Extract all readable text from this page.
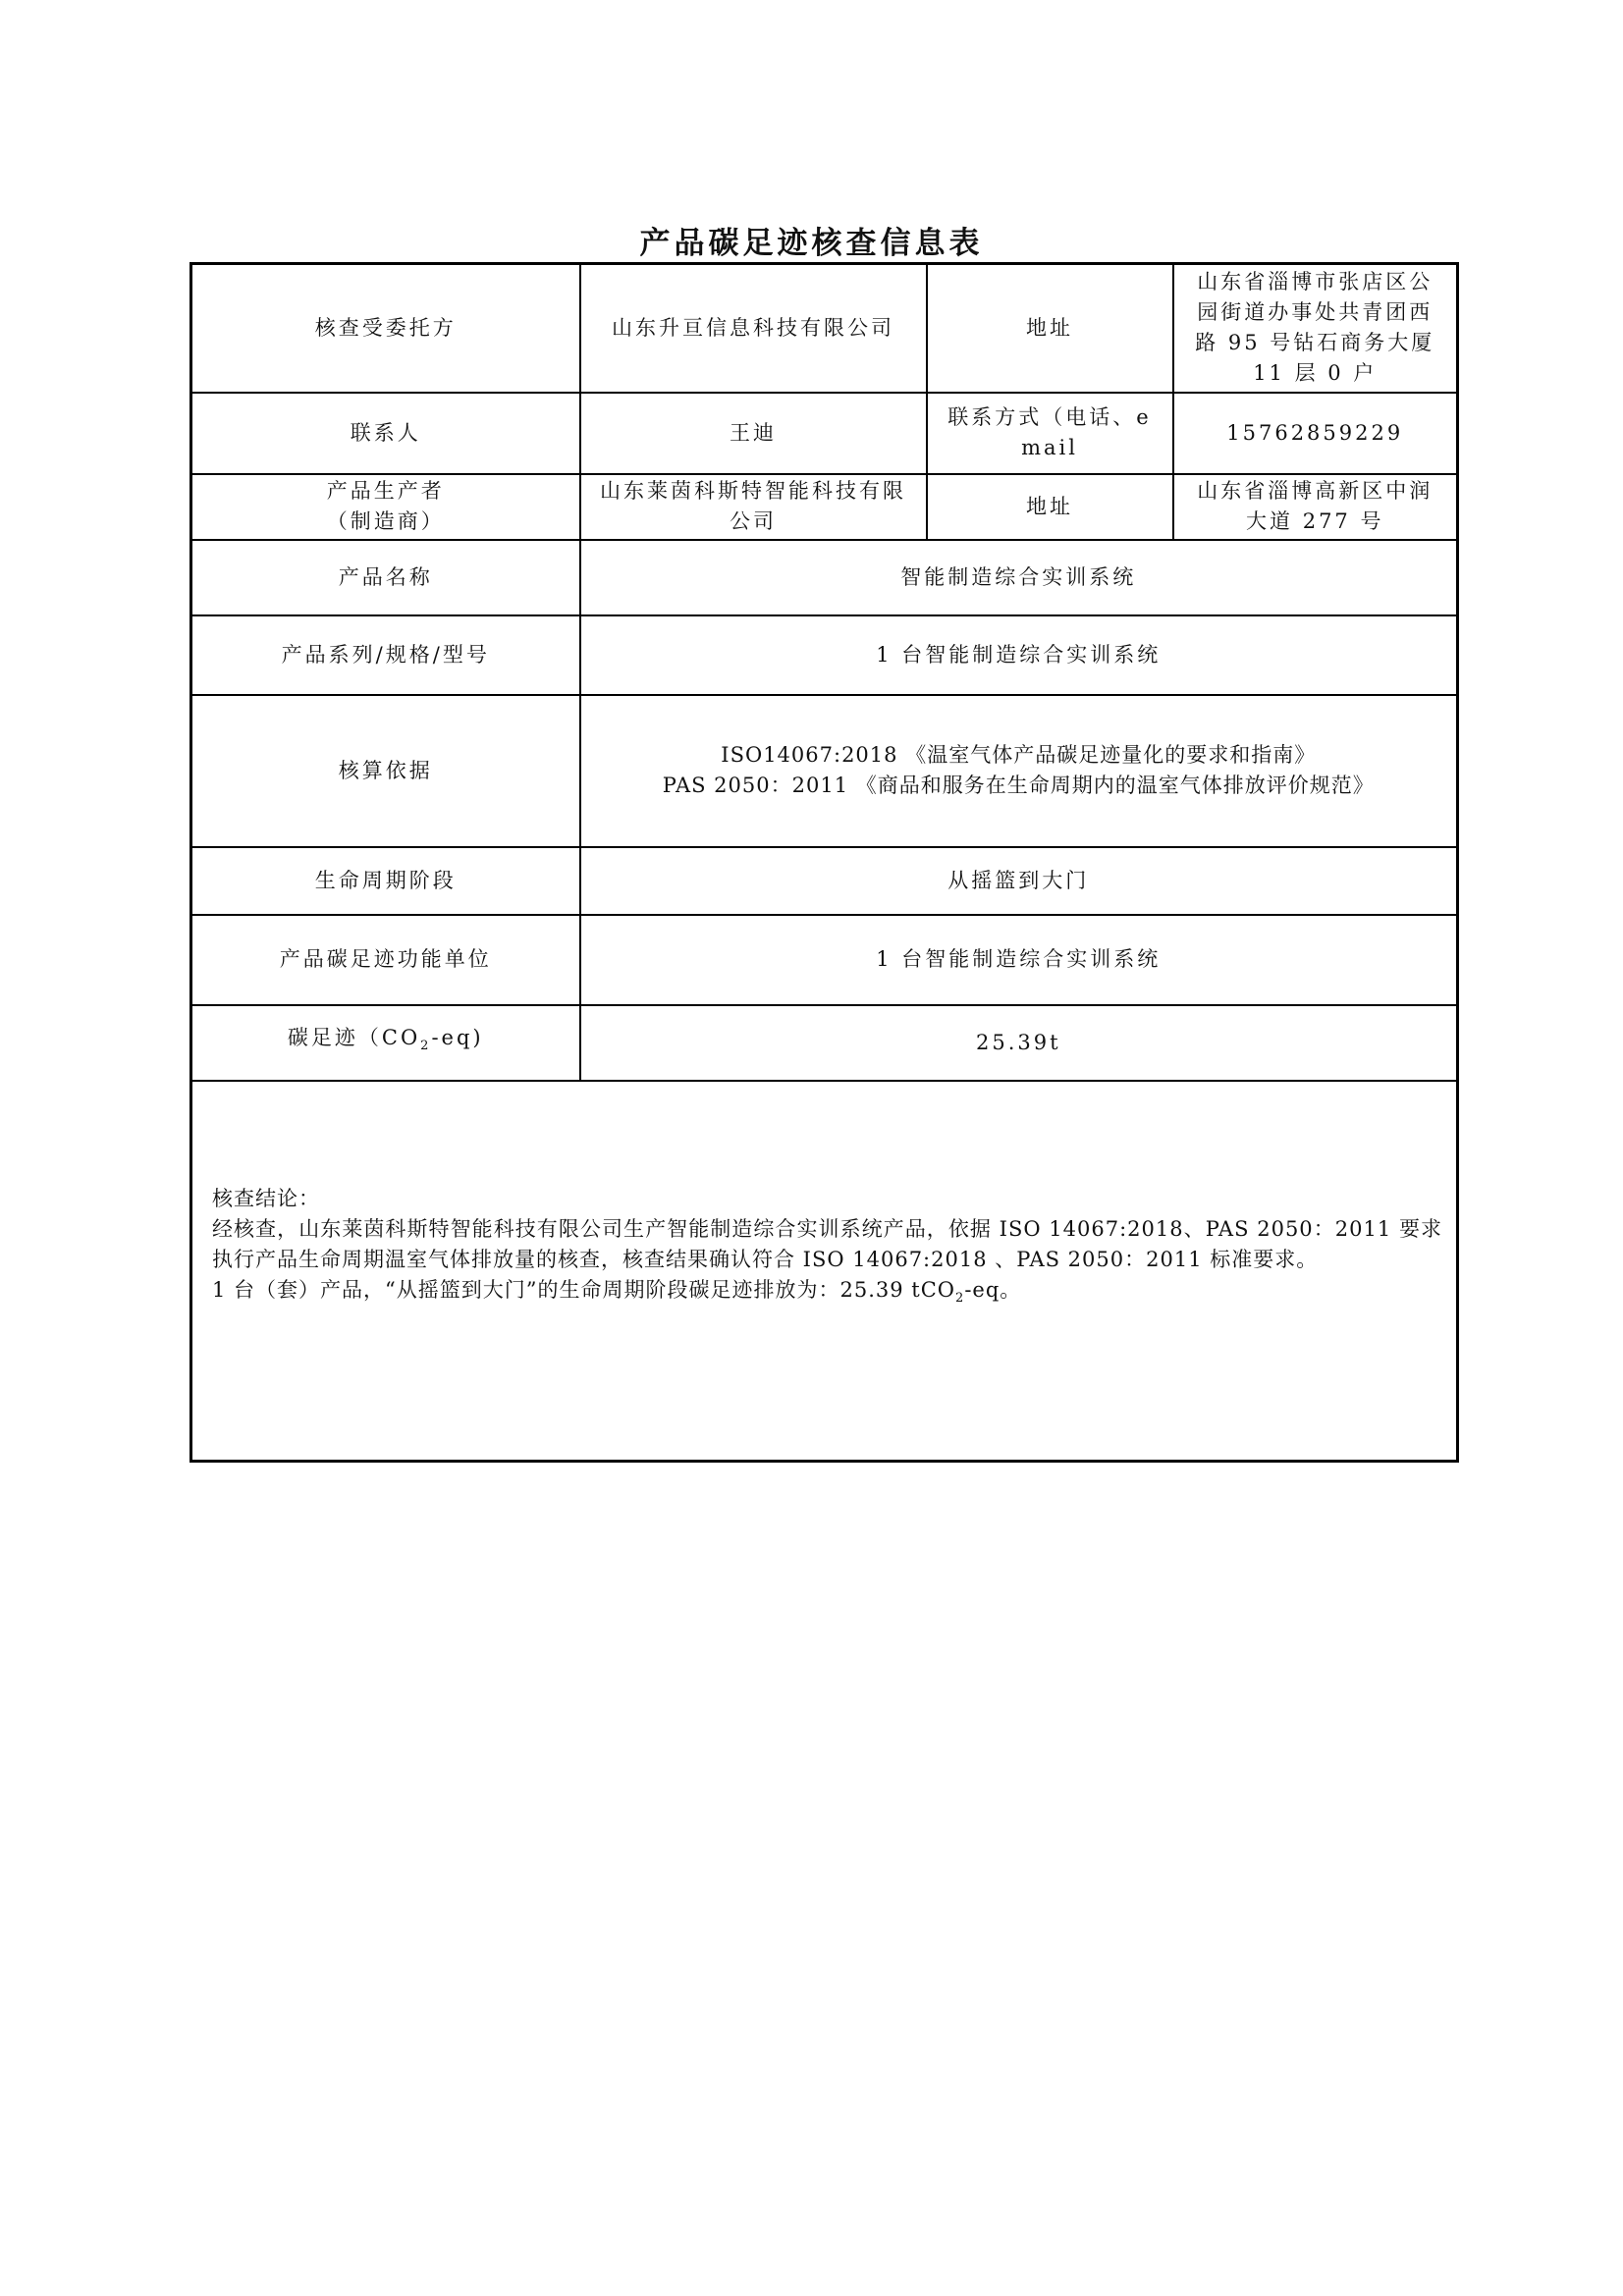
产品碳足迹核查信息表
核查受委托方	山东升亘信息科技有限公司	地址	山东省淄博市张店区公园街道办事处共青团西路 95 号钻石商务大厦 11 层 0 户
联系人	王迪	联系方式（电话、email	15762859229
产品生产者（制造商）	山东莱茵科斯特智能科技有限公司	地址	山东省淄博高新区中润大道 277 号
产品名称	智能制造综合实训系统		
产品系列/规格/型号	1 台智能制造综合实训系统		
核算依据	ISO14067:2018 《温室气体产品碳足迹量化的要求和指南》
PAS 2050：2011 《商品和服务在生命周期内的温室气体排放评价规范》		

生命周期阶段	从摇篮到大门		
产品碳足迹功能单位	1 台智能制造综合实训系统		
碳足迹$(CO_2-eq)$	25.39t		

核查结论：
经核查，山东莱茵科斯特智能科技有限公司生产智能制造综合实训系统产品，依据 ISO 14067:2018、PAS 2050：2011 要求执行产品生命周期温室气体排放量的核查，核查结果确认符合 ISO 14067:2018 、PAS 2050：2011 标准要求。
1 台（套）产品，“从摇篮到大门”的生命周期阶段碳足迹排放为：25.39 tCO$_2$-eq。			
